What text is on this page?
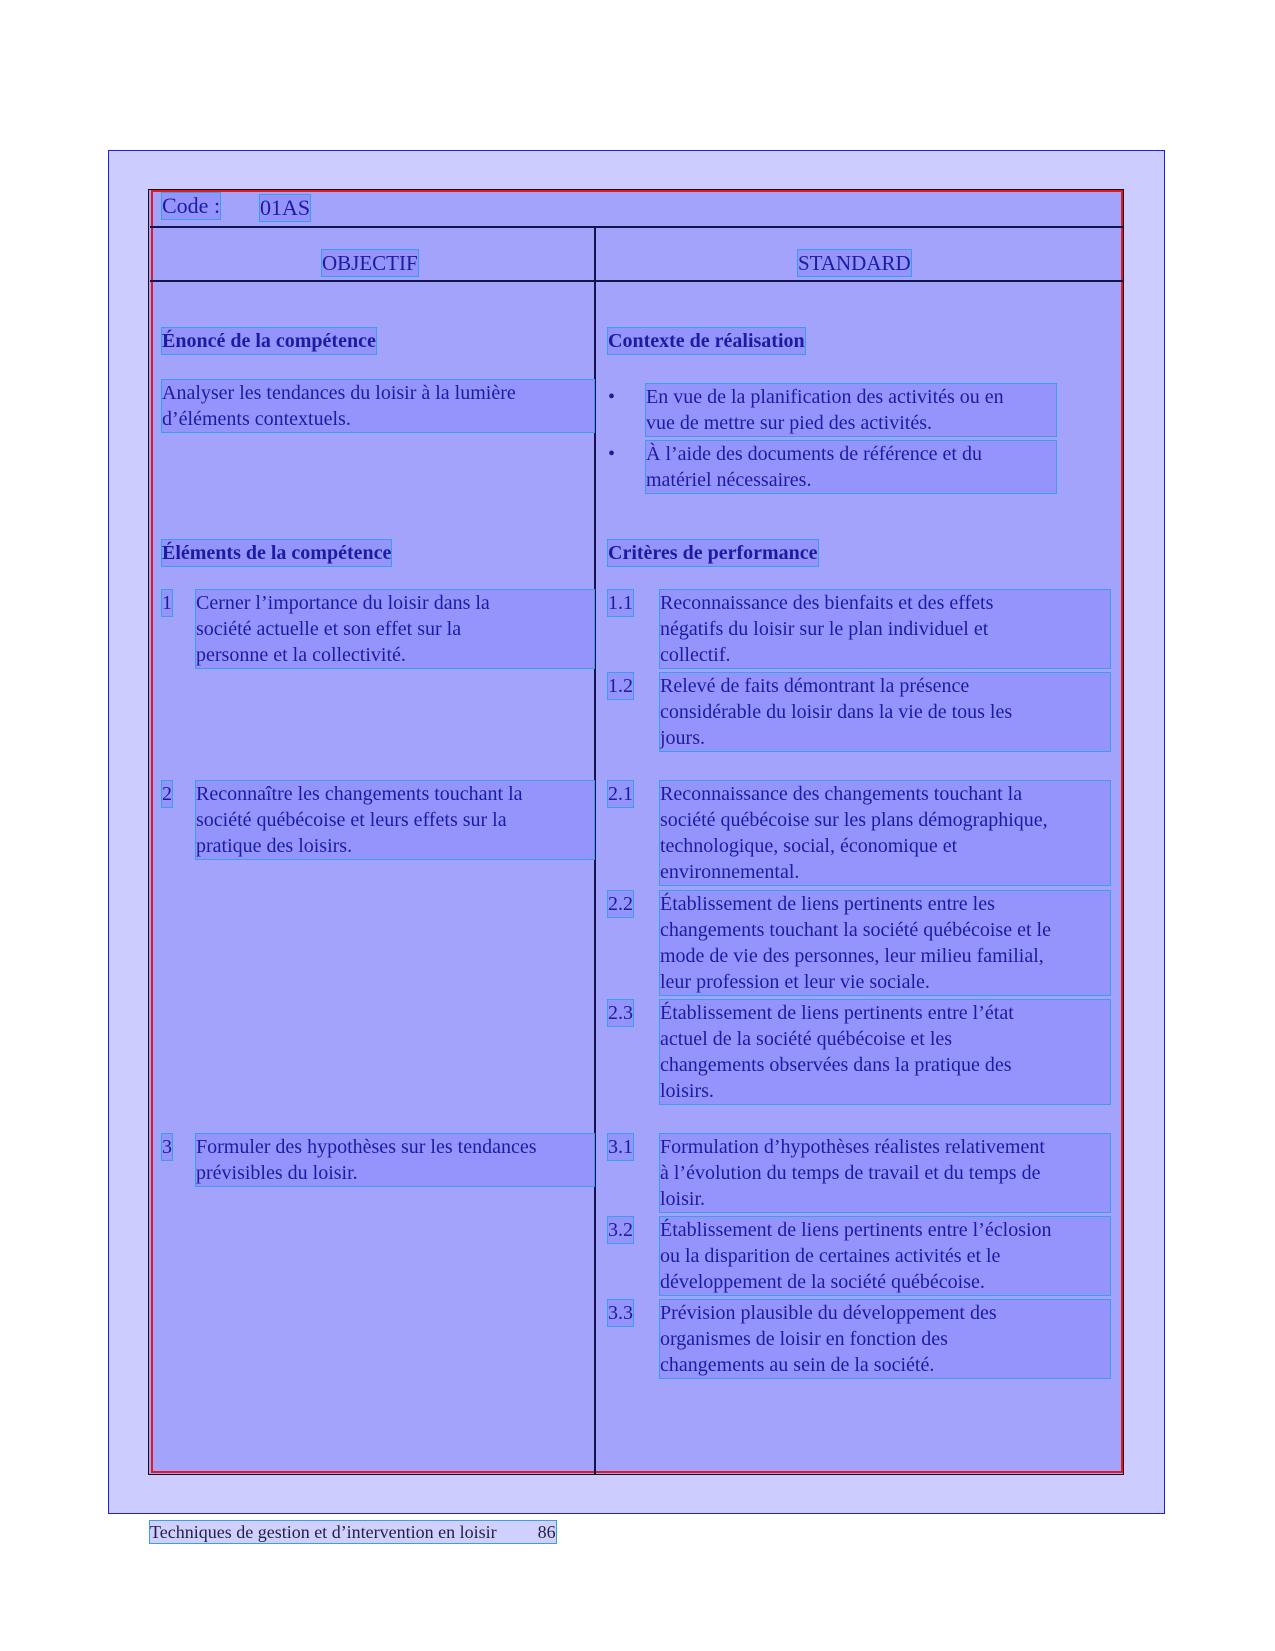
Code : 01AS
OBJECTIF	STANDARD
Énoncé de la compétence
Analyser les tendances du loisir à la lumière
d’éléments contextuels.
Éléments de la compétence
1 Cerner l’importance du loisir dans la
société actuelle et son effet sur la
personne et la collectivité.
2 Reconnaître les changements touchant la
société québécoise et leurs effets sur la
pratique des loisirs.
3 Formuler des hypothèses sur les tendances
prévisibles du loisir.
Contexte de réalisation
• En vue de la planification des activités ou en
vue de mettre sur pied des activités.
• À l’aide des documents de référence et du
matériel nécessaires.
Critères de performance
1.1 Reconnaissance des bienfaits et des effets
négatifs du loisir sur le plan individuel et
collectif.
1.2 Relevé de faits démontrant la présence
considérable du loisir dans la vie de tous les
jours.
2.1 Reconnaissance des changements touchant la
société québécoise sur les plans démographique,
technologique, social, économique et
environnemental.
2.2 Établissement de liens pertinents entre les
changements touchant la société québécoise et le
mode de vie des personnes, leur milieu familial,
leur profession et leur vie sociale.
2.3 Établissement de liens pertinents entre l’état
actuel de la société québécoise et les
changements observées dans la pratique des
loisirs.
3.1 Formulation d’hypothèses réalistes relativement
à l’évolution du temps de travail et du temps de
loisir.
3.2 Établissement de liens pertinents entre l’éclosion
ou la disparition de certaines activités et le
développement de la société québécoise.
3.3 Prévision plausible du développement des
organismes de loisir en fonction des
changements au sein de la société.
Techniques de gestion et d’intervention en loisir 86
